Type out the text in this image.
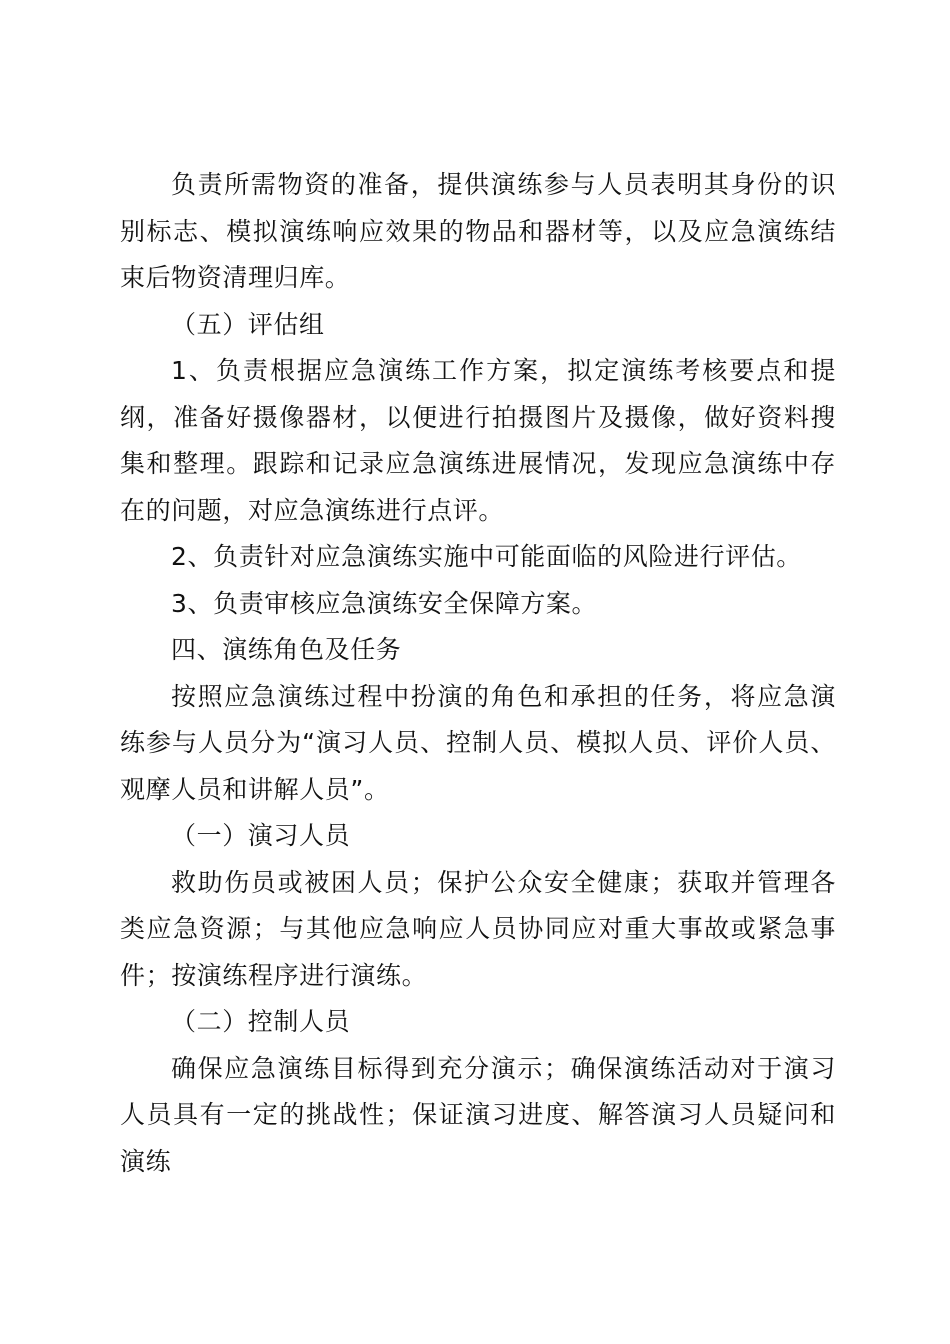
负责所需物资的准备，提供演练参与人员表明其身份的识别标志、模拟演练响应效果的物品和器材等，以及应急演练结束后物资清理归库。

（五）评估组

1、负责根据应急演练工作方案，拟定演练考核要点和提纲，准备好摄像器材，以便进行拍摄图片及摄像，做好资料搜集和整理。跟踪和记录应急演练进展情况，发现应急演练中存在的问题，对应急演练进行点评。

2、负责针对应急演练实施中可能面临的风险进行评估。

3、负责审核应急演练安全保障方案。

四、演练角色及任务

按照应急演练过程中扮演的角色和承担的任务，将应急演练参与人员分为“演习人员、控制人员、模拟人员、评价人员、观摩人员和讲解人员”。

（一）演习人员

救助伤员或被困人员；保护公众安全健康；获取并管理各类应急资源；与其他应急响应人员协同应对重大事故或紧急事件；按演练程序进行演练。

（二）控制人员

确保应急演练目标得到充分演示；确保演练活动对于演习人员具有一定的挑战性；保证演习进度、解答演习人员疑问和演练
